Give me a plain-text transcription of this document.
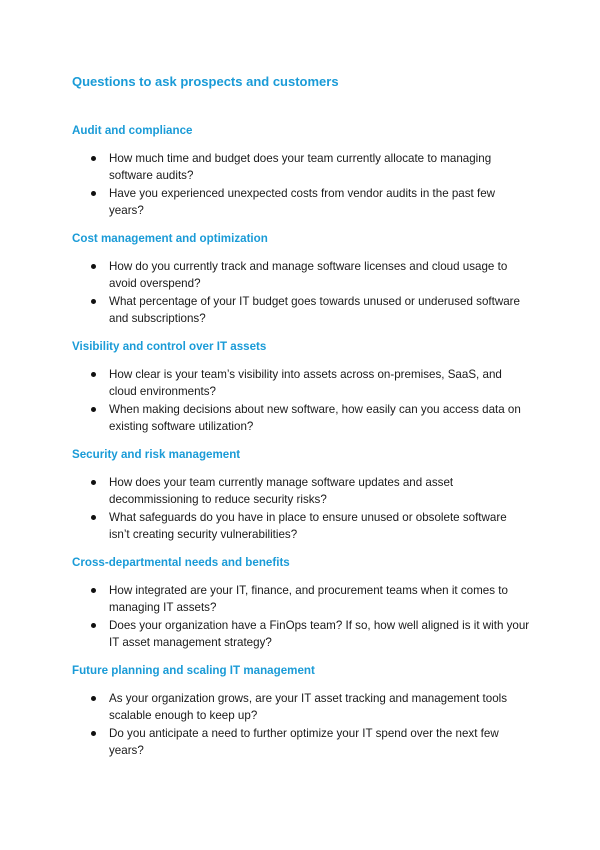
Questions to ask prospects and customers
Audit and compliance
How much time and budget does your team currently allocate to managing software audits?
Have you experienced unexpected costs from vendor audits in the past few years?
Cost management and optimization
How do you currently track and manage software licenses and cloud usage to avoid overspend?
What percentage of your IT budget goes towards unused or underused software and subscriptions?
Visibility and control over IT assets
How clear is your team’s visibility into assets across on-premises, SaaS, and cloud environments?
When making decisions about new software, how easily can you access data on existing software utilization?
Security and risk management
How does your team currently manage software updates and asset decommissioning to reduce security risks?
What safeguards do you have in place to ensure unused or obsolete software isn’t creating security vulnerabilities?
Cross-departmental needs and benefits
How integrated are your IT, finance, and procurement teams when it comes to managing IT assets?
Does your organization have a FinOps team? If so, how well aligned is it with your IT asset management strategy?
Future planning and scaling IT management
As your organization grows, are your IT asset tracking and management tools scalable enough to keep up?
Do you anticipate a need to further optimize your IT spend over the next few years?
